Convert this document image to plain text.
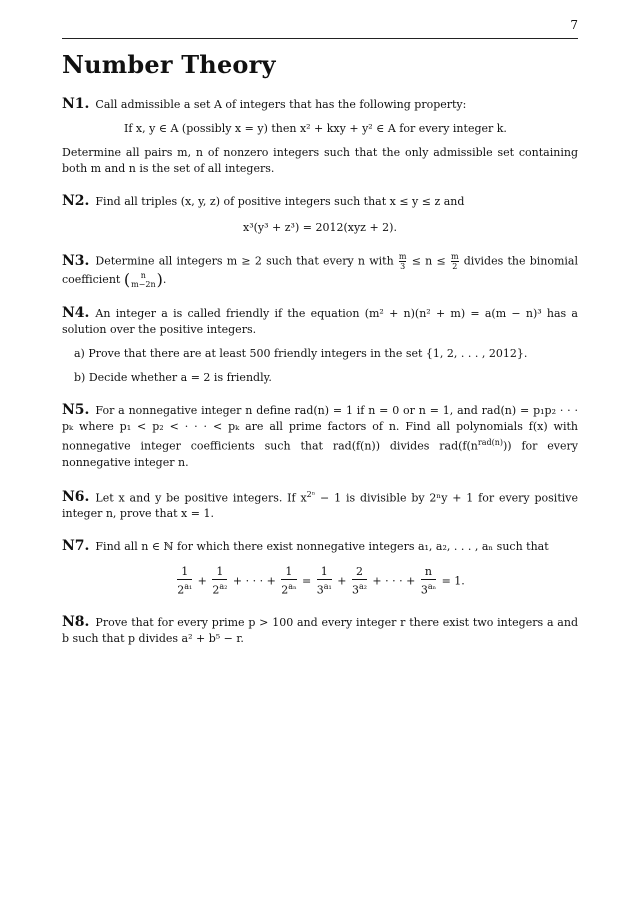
7
Number Theory

N1. Call admissible a set A of integers that has the following property:

If x, y ∈ A (possibly x = y) then x² + kxy + y² ∈ A for every integer k.

Determine all pairs m, n of nonzero integers such that the only admissible set containing both m and n is the set of all integers.

N2. Find all triples (x, y, z) of positive integers such that x ≤ y ≤ z and

x³(y³ + z³) = 2012(xyz + 2).

N3. Determine all integers m ≥ 2 such that every n with $\frac{m}{3} \le n \le \frac{m}{2}$ divides the binomial coefficient (	n
m−2n ).

N4. An integer a is called friendly if the equation (m² + n)(n² + m) = a(m − n)³ has a solution over the positive integers.

a) Prove that there are at least 500 friendly integers in the set {1, 2, . . . , 2012}.

b) Decide whether a = 2 is friendly.

N5. For a nonnegative integer n define rad(n) = 1 if n = 0 or n = 1, and rad(n) = p₁p₂ · · · pₖ where p₁ < p₂ < · · · < pₖ are all prime factors of n. Find all polynomials f(x) with nonnegative integer coefficients such that rad(f(n)) divides $rad(f(n^{rad(n)}))$ for every nonnegative integer n.

N6. Let x and y be positive integers. If $x^{2^n} - 1$ is divisible by 2ⁿy + 1 for every positive integer n, prove that x = 1.

N7. Find all n ∈ ℕ for which there exist nonnegative integers a₁, a₂, . . . , aₙ such that

$\frac{1}{2^{a_1}} + \frac{1}{2^{a_2}}$ + · · · + $\frac{1}{2^{a_n}} = \frac{1}{3^{a_1}} + \frac{2}{3^{a_2}}$ + · · · + $\frac{n}{3^{a_n}} = 1$.

N8. Prove that for every prime p > 100 and every integer r there exist two integers a and b such that p divides a² + b⁵ − r.
